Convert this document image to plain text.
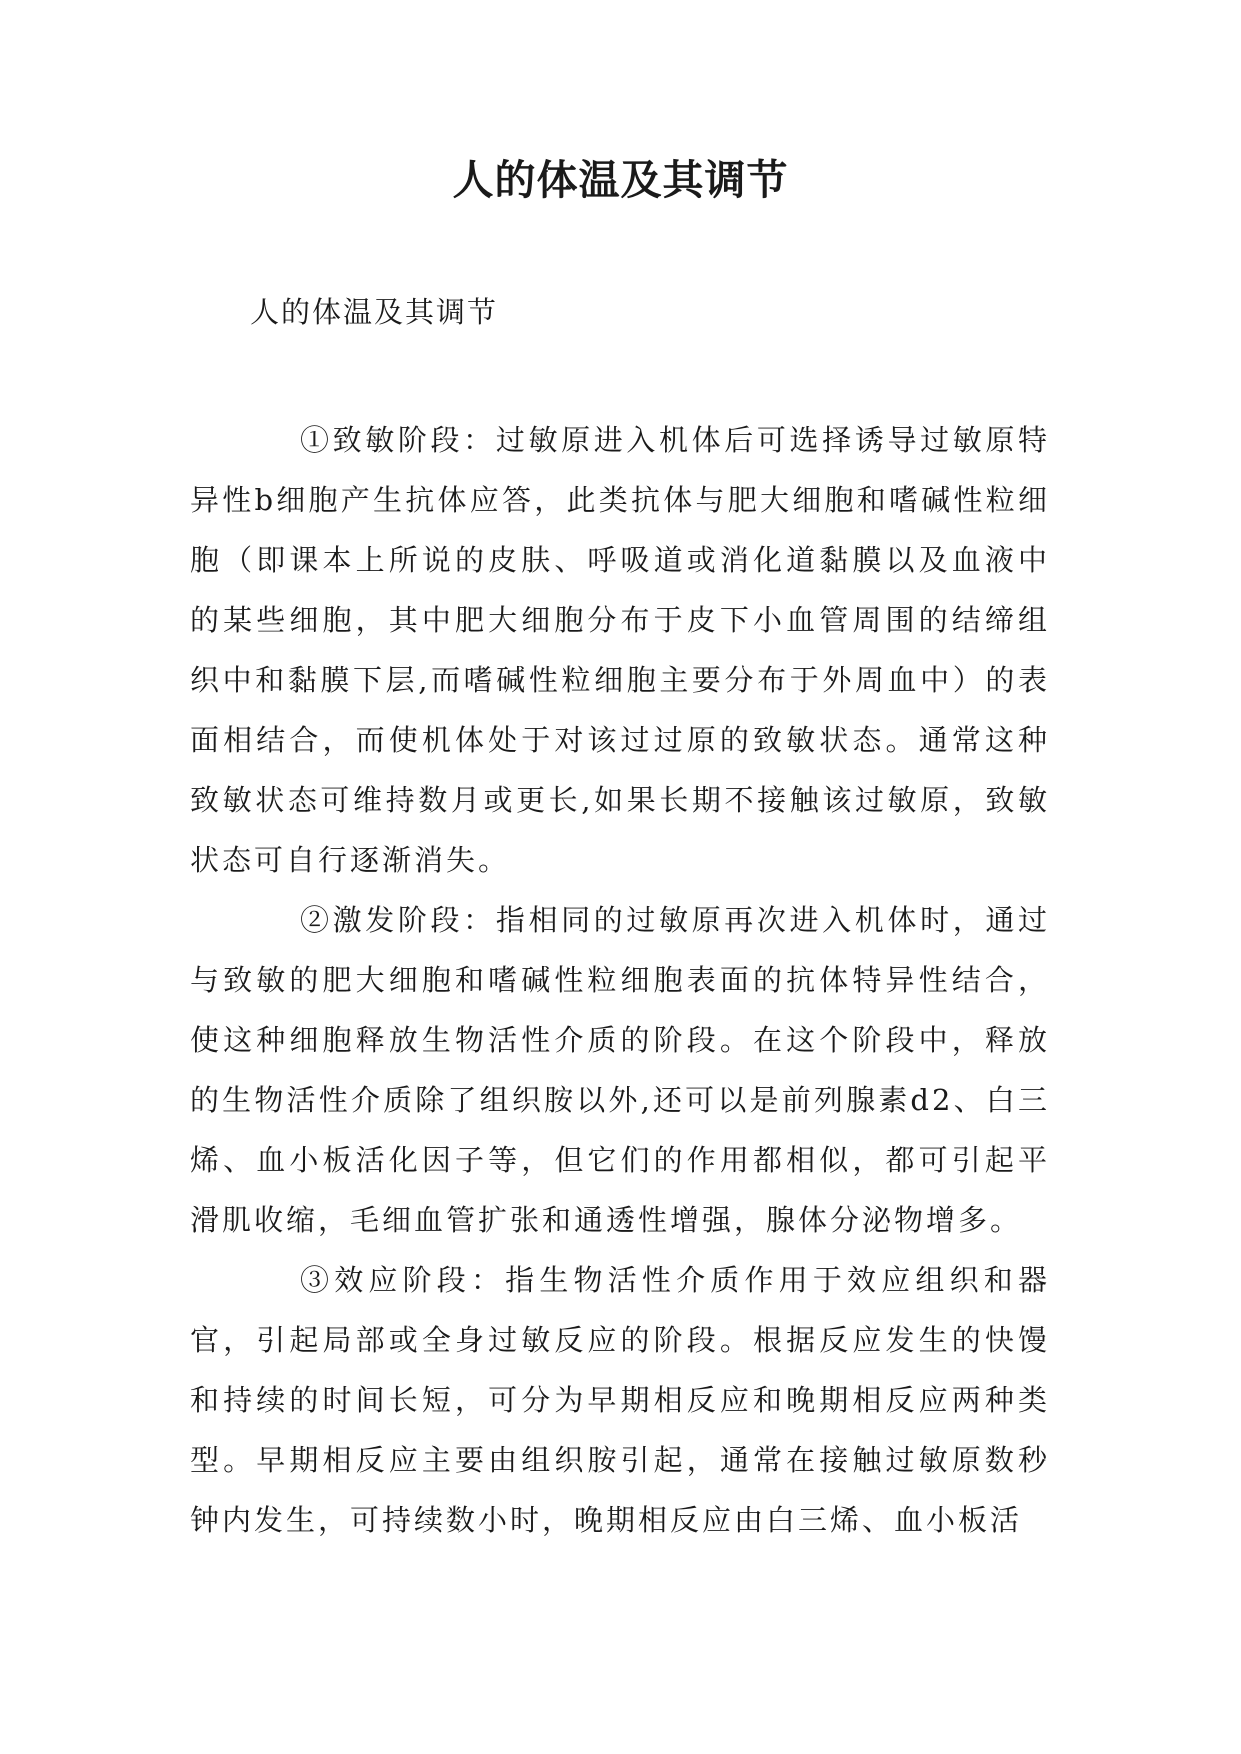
人的体温及其调节

人的体温及其调节

①致敏阶段：过敏原进入机体后可选择诱导过敏原特异性b细胞产生抗体应答，此类抗体与肥大细胞和嗜碱性粒细胞（即课本上所说的皮肤、呼吸道或消化道黏膜以及血液中的某些细胞，其中肥大细胞分布于皮下小血管周围的结缔组织中和黏膜下层,而嗜碱性粒细胞主要分布于外周血中）的表面相结合，而使机体处于对该过过原的致敏状态。通常这种致敏状态可维持数月或更长,如果长期不接触该过敏原，致敏状态可自行逐渐消失。

②激发阶段：指相同的过敏原再次进入机体时，通过与致敏的肥大细胞和嗜碱性粒细胞表面的抗体特异性结合，使这种细胞释放生物活性介质的阶段。在这个阶段中，释放的生物活性介质除了组织胺以外,还可以是前列腺素d2、白三烯、血小板活化因子等，但它们的作用都相似，都可引起平滑肌收缩，毛细血管扩张和通透性增强，腺体分泌物增多。

③效应阶段：指生物活性介质作用于效应组织和器官，引起局部或全身过敏反应的阶段。根据反应发生的快馒和持续的时间长短，可分为早期相反应和晚期相反应两种类型。早期相反应主要由组织胺引起，通常在接触过敏原数秒钟内发生，可持续数小时，晚期相反应由白三烯、血小板活
